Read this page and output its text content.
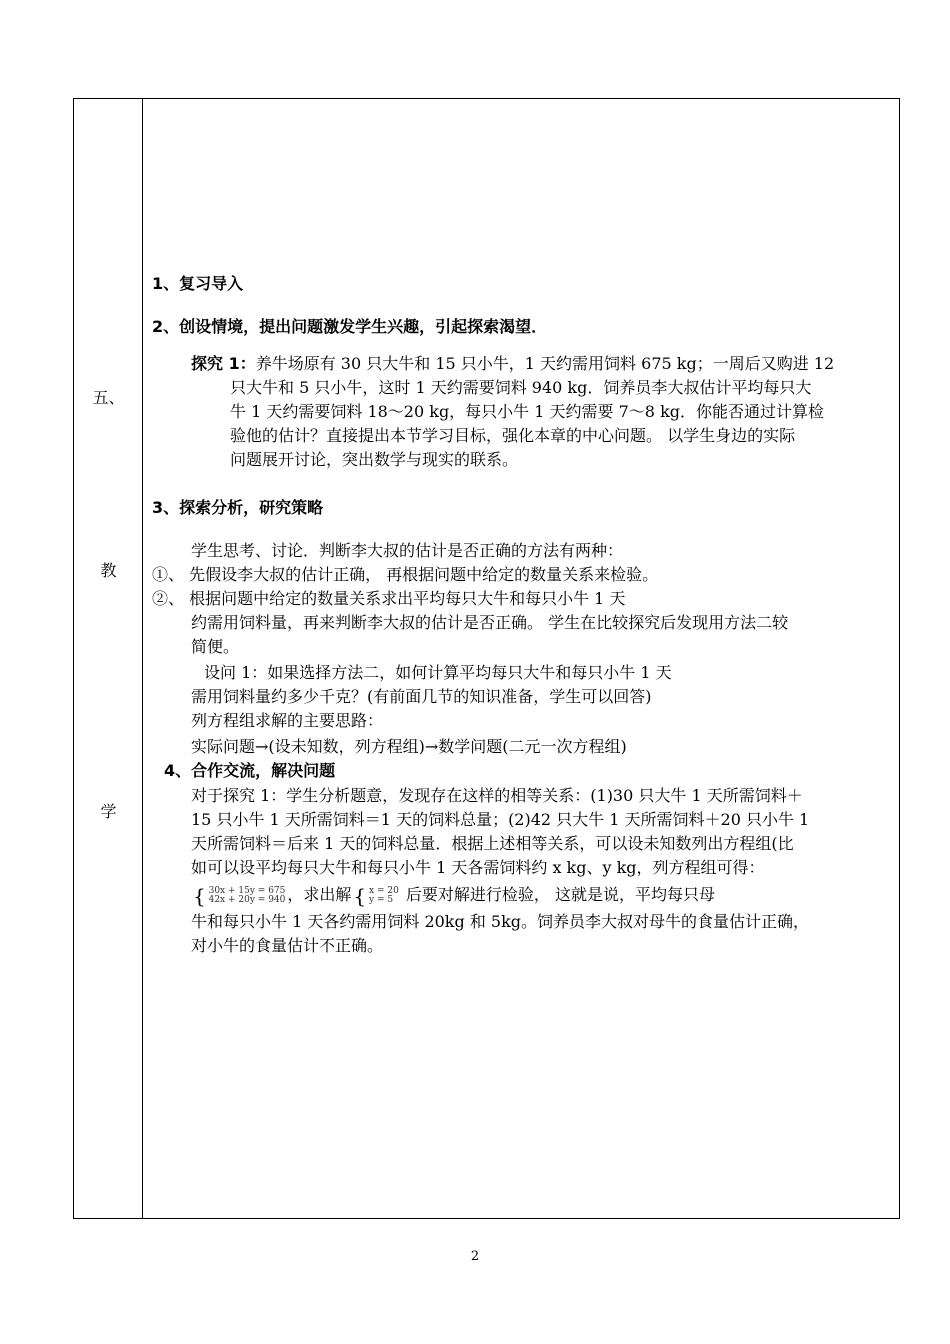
五、
教
学
1、复习导入
2、创设情境，提出问题激发学生兴趣，引起探索渴望．
探究 1：养牛场原有 30 只大牛和 15 只小牛，1 天约需用饲料 675 kg；一周后又购进 12
只大牛和 5 只小牛，这时 1 天约需要饲料 940 kg．饲养员李大叔估计平均每只大
牛 1 天约需要饲料 18～20 kg，每只小牛 1 天约需要 7～8 kg．你能否通过计算检
验他的估计？直接提出本节学习目标，强化本章的中心问题。 以学生身边的实际
问题展开讨论，突出数学与现实的联系。
3、探索分析，研究策略
学生思考、讨论．判断李大叔的估计是否正确的方法有两种：
①、 先假设李大叔的估计正确， 再根据问题中给定的数量关系来检验。
②、 根据问题中给定的数量关系求出平均每只大牛和每只小牛 1 天
约需用饲料量，再来判断李大叔的估计是否正确。 学生在比较探究后发现用方法二较
简便。
设问 1：如果选择方法二，如何计算平均每只大牛和每只小牛 1 天
需用饲料量约多少千克？(有前面几节的知识准备，学生可以回答)
列方程组求解的主要思路：
实际问题→(设未知数，列方程组)→数学问题(二元一次方程组)
4、合作交流，解决问题
对于探究 1：学生分析题意，发现存在这样的相等关系：(1)30 只大牛 1 天所需饲料＋
15 只小牛 1 天所需饲料＝1 天的饲料总量；(2)42 只大牛 1 天所需饲料＋20 只小牛 1
天所需饲料＝后来 1 天的饲料总量．根据上述相等关系，可以设未知数列出方程组(比
如可以设平均每只大牛和每只小牛 1 天各需饲料约 x kg、y kg，列方程组可得：
{ 30x + 15y = 675
42x + 20y = 940 ，求出解 { x = 20
y = 5 后要对解进行检验， 这就是说，平均每只母
牛和每只小牛 1 天各约需用饲料 20kg 和 5kg。饲养员李大叔对母牛的食量估计正确，
对小牛的食量估计不正确。
2
